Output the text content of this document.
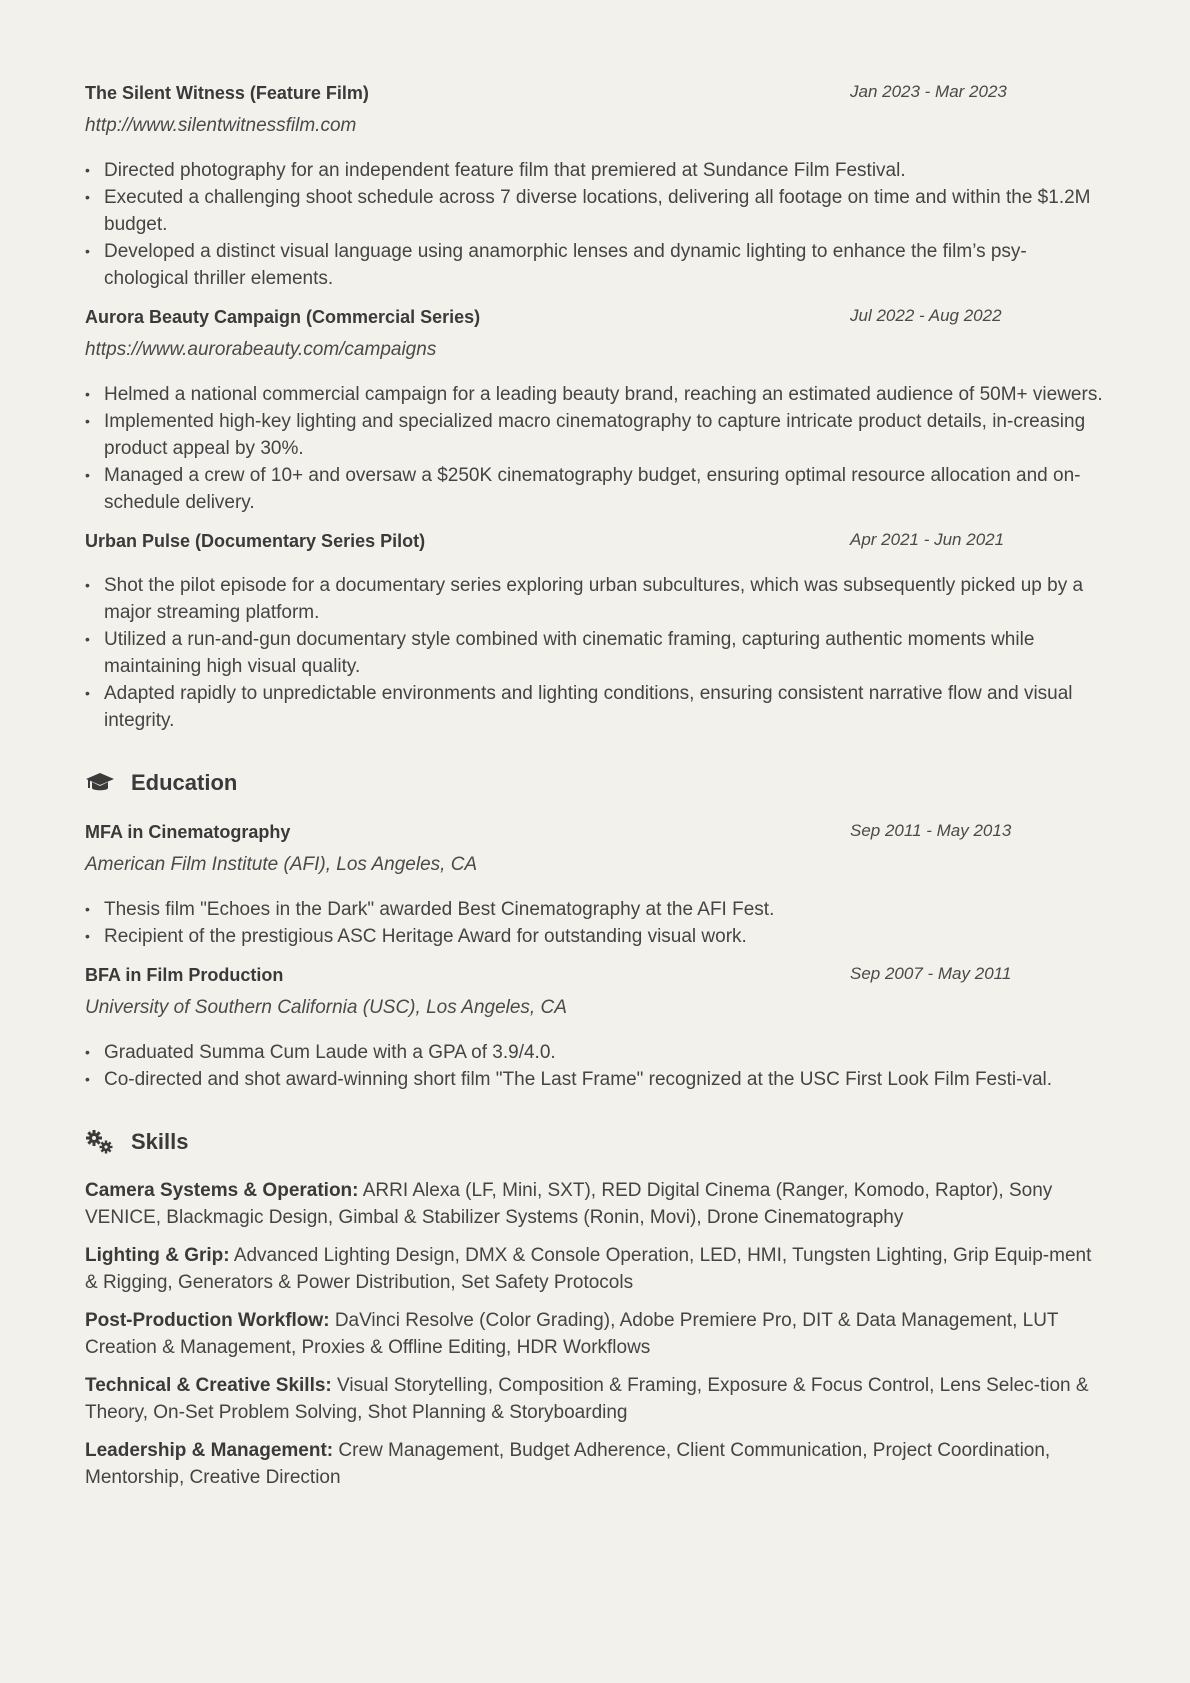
The Silent Witness (Feature Film)	Jan 2023 - Mar 2023
http://www.silentwitnessfilm.com
• Directed photography for an independent feature film that premiered at Sundance Film Festival.
• Executed a challenging shoot schedule across 7 diverse locations, delivering all footage on time and within the $1.2M budget.
• Developed a distinct visual language using anamorphic lenses and dynamic lighting to enhance the film’s psy-chological thriller elements.
Aurora Beauty Campaign (Commercial Series)	Jul 2022 - Aug 2022
https://www.aurorabeauty.com/campaigns
• Helmed a national commercial campaign for a leading beauty brand, reaching an estimated audience of 50M+ viewers.
• Implemented high-key lighting and specialized macro cinematography to capture intricate product details, in-creasing product appeal by 30%.
• Managed a crew of 10+ and oversaw a $250K cinematography budget, ensuring optimal resource allocation and on-schedule delivery.
Urban Pulse (Documentary Series Pilot)	Apr 2021 - Jun 2021
• Shot the pilot episode for a documentary series exploring urban subcultures, which was subsequently picked up by a major streaming platform.
• Utilized a run-and-gun documentary style combined with cinematic framing, capturing authentic moments while maintaining high visual quality.
• Adapted rapidly to unpredictable environments and lighting conditions, ensuring consistent narrative flow and visual integrity.
Education
MFA in Cinematography	Sep 2011 - May 2013
American Film Institute (AFI), Los Angeles, CA
• Thesis film "Echoes in the Dark" awarded Best Cinematography at the AFI Fest.
• Recipient of the prestigious ASC Heritage Award for outstanding visual work.
BFA in Film Production	Sep 2007 - May 2011
University of Southern California (USC), Los Angeles, CA
• Graduated Summa Cum Laude with a GPA of 3.9/4.0.
• Co-directed and shot award-winning short film "The Last Frame" recognized at the USC First Look Film Festi-val.
Skills
Camera Systems & Operation: ARRI Alexa (LF, Mini, SXT), RED Digital Cinema (Ranger, Komodo, Raptor), Sony VENICE, Blackmagic Design, Gimbal & Stabilizer Systems (Ronin, Movi), Drone Cinematography
Lighting & Grip: Advanced Lighting Design, DMX & Console Operation, LED, HMI, Tungsten Lighting, Grip Equip-ment & Rigging, Generators & Power Distribution, Set Safety Protocols
Post-Production Workflow: DaVinci Resolve (Color Grading), Adobe Premiere Pro, DIT & Data Management, LUT Creation & Management, Proxies & Offline Editing, HDR Workflows
Technical & Creative Skills: Visual Storytelling, Composition & Framing, Exposure & Focus Control, Lens Selec-tion & Theory, On-Set Problem Solving, Shot Planning & Storyboarding
Leadership & Management: Crew Management, Budget Adherence, Client Communication, Project Coordination, Mentorship, Creative Direction
